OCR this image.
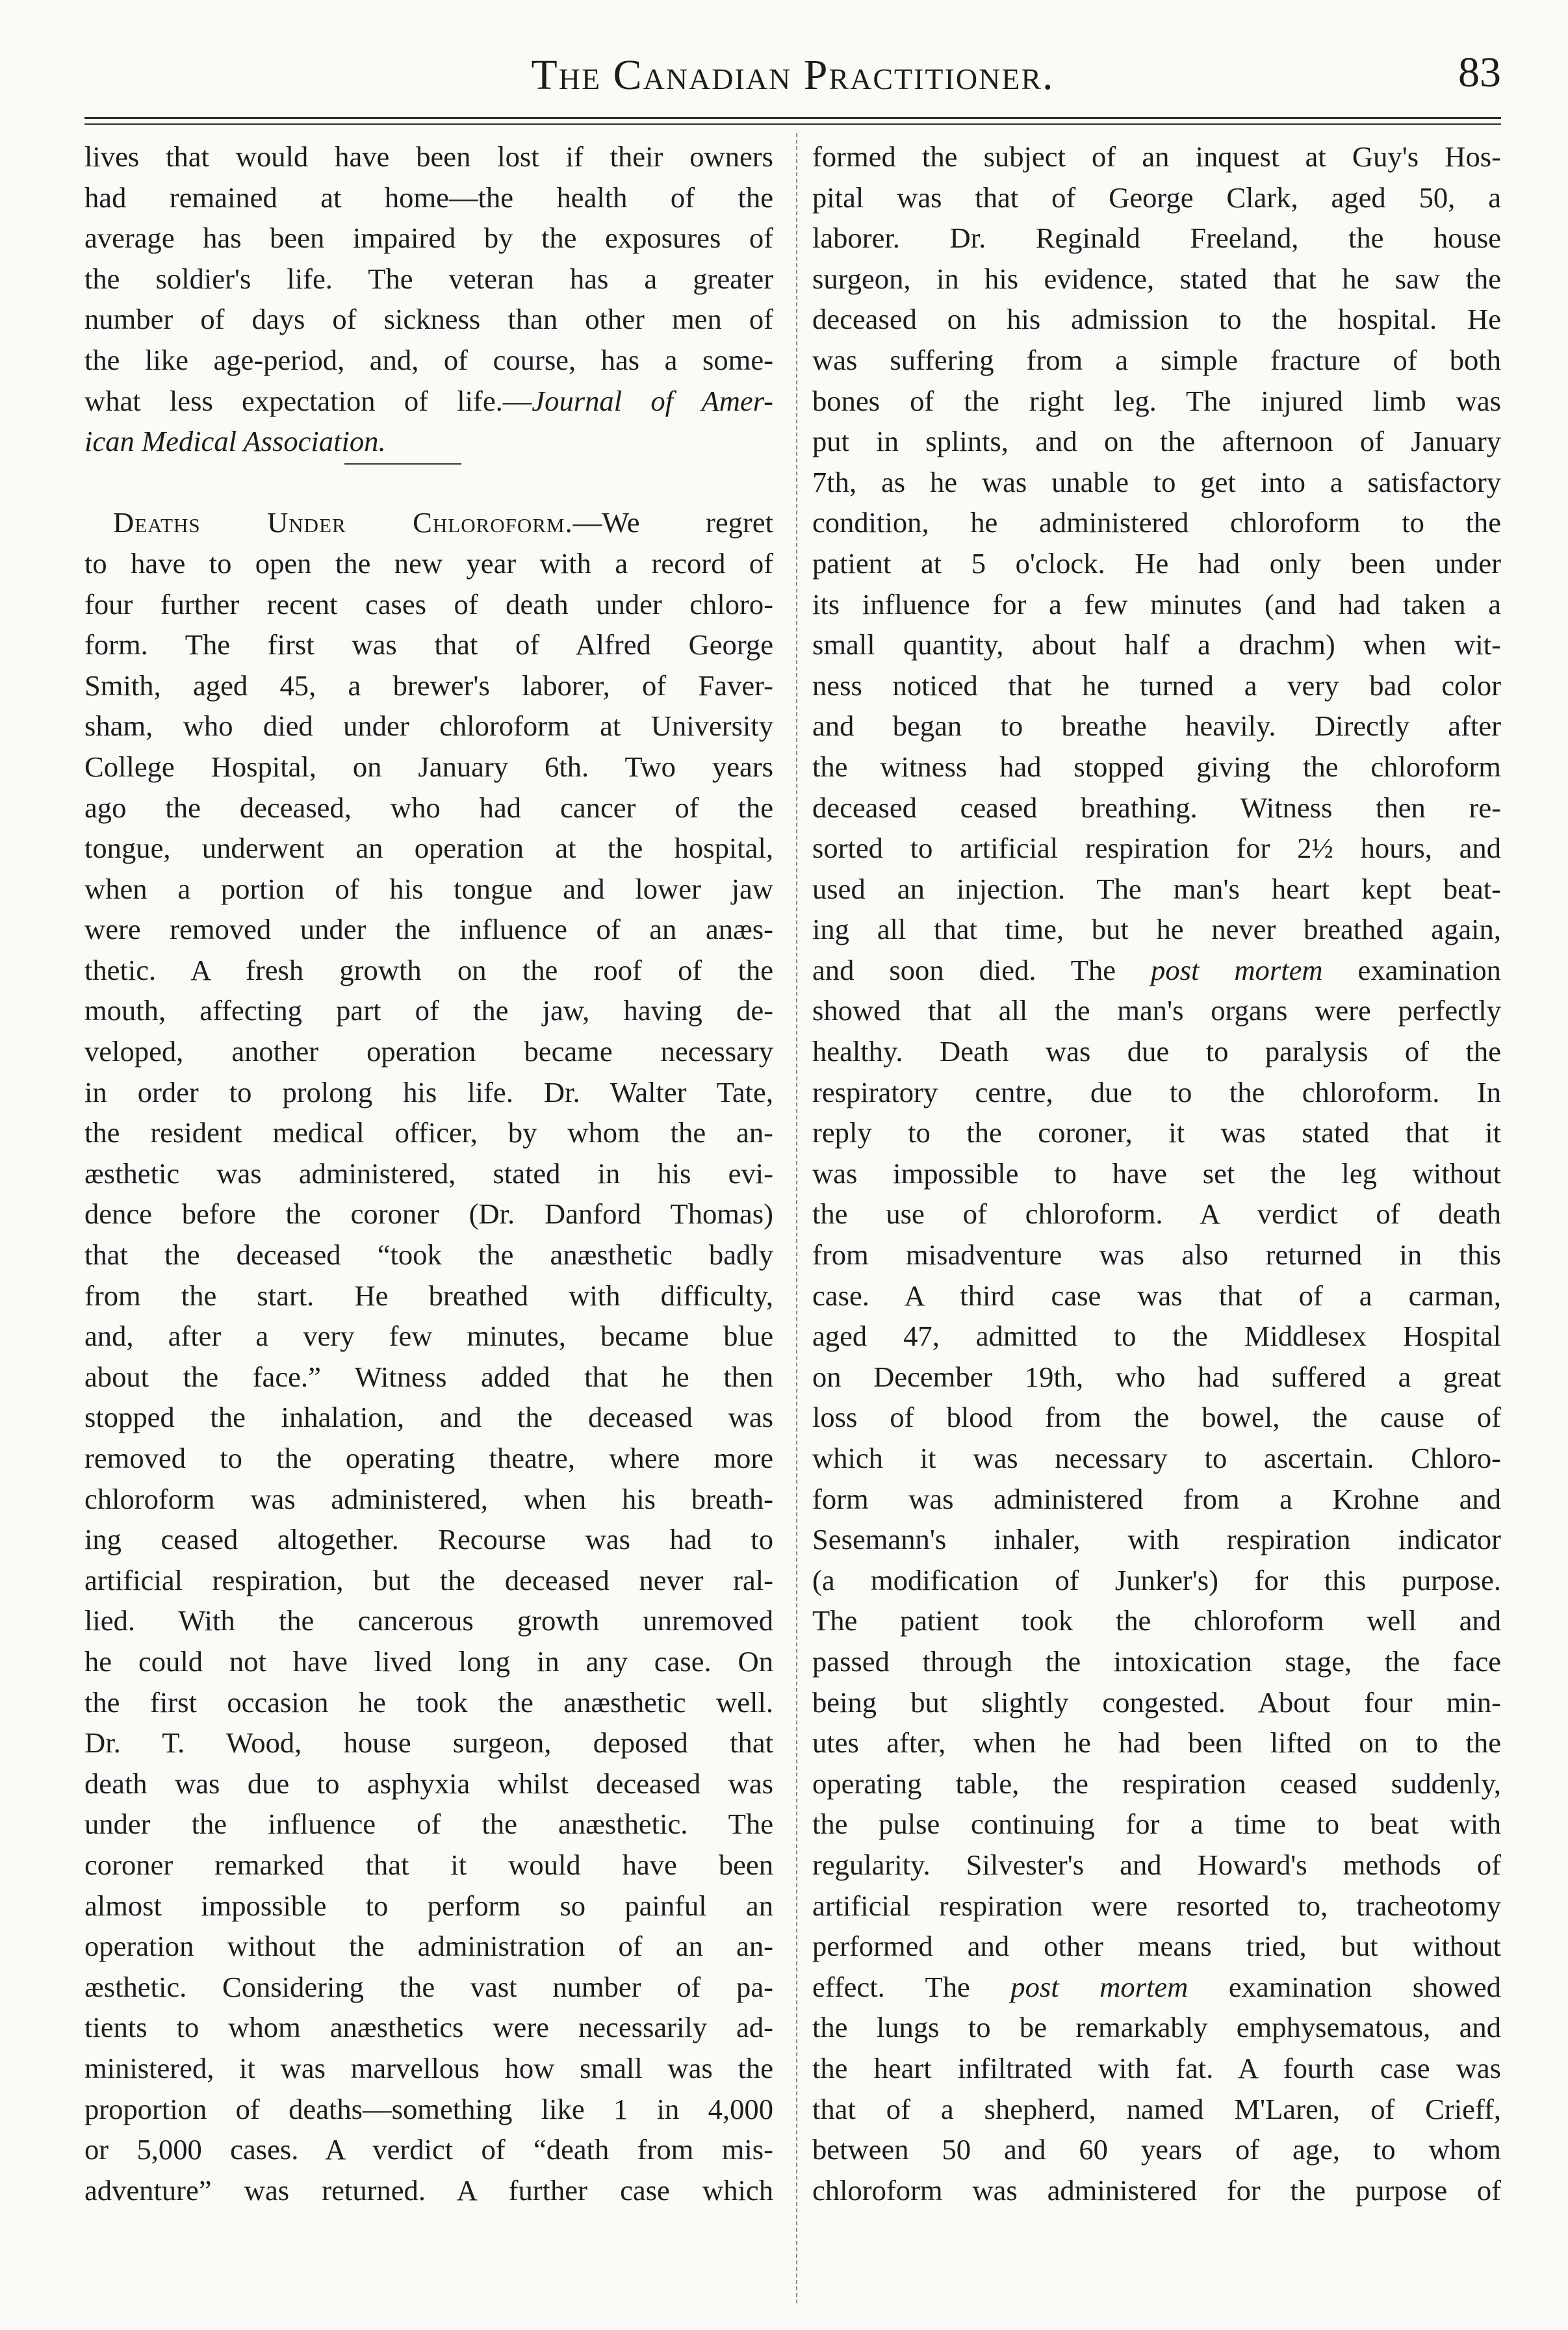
The Canadian Practitioner.	83
lives that would have been lost if their owners
had remained at home—the health of the
average has been impaired by the exposures of
the soldier's life. The veteran has a greater
number of days of sickness than other men of
the like age-period, and, of course, has a some-
what less expectation of life.—Journal of Amer-
ican Medical Association.
Deaths Under Chloroform.—We regret
to have to open the new year with a record of
four further recent cases of death under chloro-
form. The first was that of Alfred George
Smith, aged 45, a brewer's laborer, of Faver-
sham, who died under chloroform at University
College Hospital, on January 6th. Two years
ago the deceased, who had cancer of the
tongue, underwent an operation at the hospital,
when a portion of his tongue and lower jaw
were removed under the influence of an anæs-
thetic. A fresh growth on the roof of the
mouth, affecting part of the jaw, having de-
veloped, another operation became necessary
in order to prolong his life. Dr. Walter Tate,
the resident medical officer, by whom the an-
æsthetic was administered, stated in his evi-
dence before the coroner (Dr. Danford Thomas)
that the deceased “took the anæsthetic badly
from the start. He breathed with difficulty,
and, after a very few minutes, became blue
about the face.” Witness added that he then
stopped the inhalation, and the deceased was
removed to the operating theatre, where more
chloroform was administered, when his breath-
ing ceased altogether. Recourse was had to
artificial respiration, but the deceased never ral-
lied. With the cancerous growth unremoved
he could not have lived long in any case. On
the first occasion he took the anæsthetic well.
Dr. T. Wood, house surgeon, deposed that
death was due to asphyxia whilst deceased was
under the influence of the anæsthetic. The
coroner remarked that it would have been
almost impossible to perform so painful an
operation without the administration of an an-
æsthetic. Considering the vast number of pa-
tients to whom anæsthetics were necessarily ad-
ministered, it was marvellous how small was the
proportion of deaths—something like 1 in 4,000
or 5,000 cases. A verdict of “death from mis-
adventure” was returned. A further case which
formed the subject of an inquest at Guy's Hos-
pital was that of George Clark, aged 50, a
laborer. Dr. Reginald Freeland, the house
surgeon, in his evidence, stated that he saw the
deceased on his admission to the hospital. He
was suffering from a simple fracture of both
bones of the right leg. The injured limb was
put in splints, and on the afternoon of January
7th, as he was unable to get into a satisfactory
condition, he administered chloroform to the
patient at 5 o'clock. He had only been under
its influence for a few minutes (and had taken a
small quantity, about half a drachm) when wit-
ness noticed that he turned a very bad color
and began to breathe heavily. Directly after
the witness had stopped giving the chloroform
deceased ceased breathing. Witness then re-
sorted to artificial respiration for 2½ hours, and
used an injection. The man's heart kept beat-
ing all that time, but he never breathed again,
and soon died. The post mortem examination
showed that all the man's organs were perfectly
healthy. Death was due to paralysis of the
respiratory centre, due to the chloroform. In
reply to the coroner, it was stated that it
was impossible to have set the leg without
the use of chloroform. A verdict of death
from misadventure was also returned in this
case. A third case was that of a carman,
aged 47, admitted to the Middlesex Hospital
on December 19th, who had suffered a great
loss of blood from the bowel, the cause of
which it was necessary to ascertain. Chloro-
form was administered from a Krohne and
Sesemann's inhaler, with respiration indicator
(a modification of Junker's) for this purpose.
The patient took the chloroform well and
passed through the intoxication stage, the face
being but slightly congested. About four min-
utes after, when he had been lifted on to the
operating table, the respiration ceased suddenly,
the pulse continuing for a time to beat with
regularity. Silvester's and Howard's methods of
artificial respiration were resorted to, tracheotomy
performed and other means tried, but without
effect. The post mortem examination showed
the lungs to be remarkably emphysematous, and
the heart infiltrated with fat. A fourth case was
that of a shepherd, named M'Laren, of Crieff,
between 50 and 60 years of age, to whom
chloroform was administered for the purpose of
